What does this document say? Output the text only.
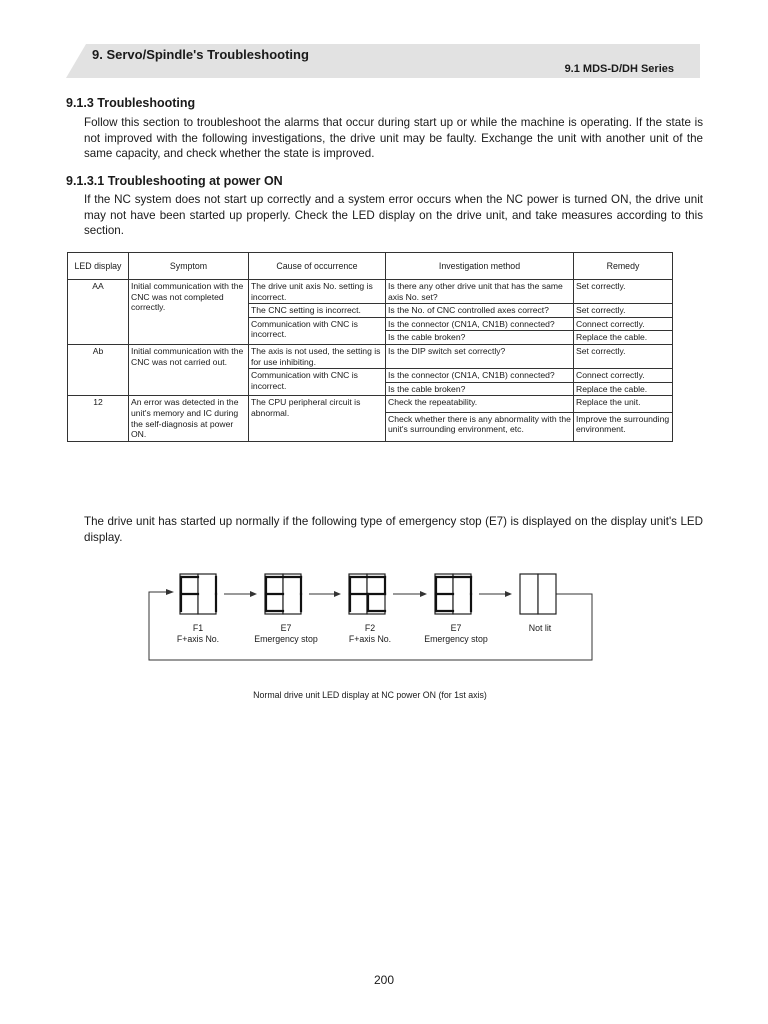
9. Servo/Spindle's Troubleshooting
9.1 MDS-D/DH Series
9.1.3 Troubleshooting

Follow this section to troubleshoot the alarms that occur during start up or while the machine is operating. If the state is not improved with the following investigations, the drive unit may be faulty. Exchange the unit with another unit of the same capacity, and check whether the state is improved.

9.1.3.1 Troubleshooting at power ON

If the NC system does not start up correctly and a system error occurs when the NC power is turned ON, the drive unit may not have been started up properly. Check the LED display on the drive unit, and take measures according to this section.

LED display	Symptom	Cause of occurrence	Investigation method	Remedy
AA	Initial communication with the CNC was not completed correctly.	The drive unit axis No. setting is incorrect.	Is there any other drive unit that has the same axis No. set?	Set correctly.
		The CNC setting is incorrect.	Is the No. of CNC controlled axes correct?	Set correctly.
		Communication with CNC is incorrect.	Is the connector (CN1A, CN1B) connected?	Connect correctly.
			Is the cable broken?	Replace the cable.
Ab	Initial communication with the CNC was not carried out.	The axis is not used, the setting is for use inhibiting.	Is the DIP switch set correctly?	Set correctly.
		Communication with CNC is incorrect.	Is the connector (CN1A, CN1B) connected?	Connect correctly.
			Is the cable broken?	Replace the cable.
12	An error was detected in the unit's memory and IC during the self-diagnosis at power ON.	The CPU peripheral circuit is abnormal.	Check the repeatability.	Replace the unit.
			Check whether there is any abnormality with the unit's surrounding environment, etc.	Improve the surrounding environment.

The drive unit has started up normally if the following type of emergency stop (E7) is displayed on the display unit's LED display.

F1
F+axis No.
E7
Emergency stop
F2
F+axis No.
E7
Emergency stop
Not lit
Normal drive unit LED display at NC power ON (for 1st axis)
200
